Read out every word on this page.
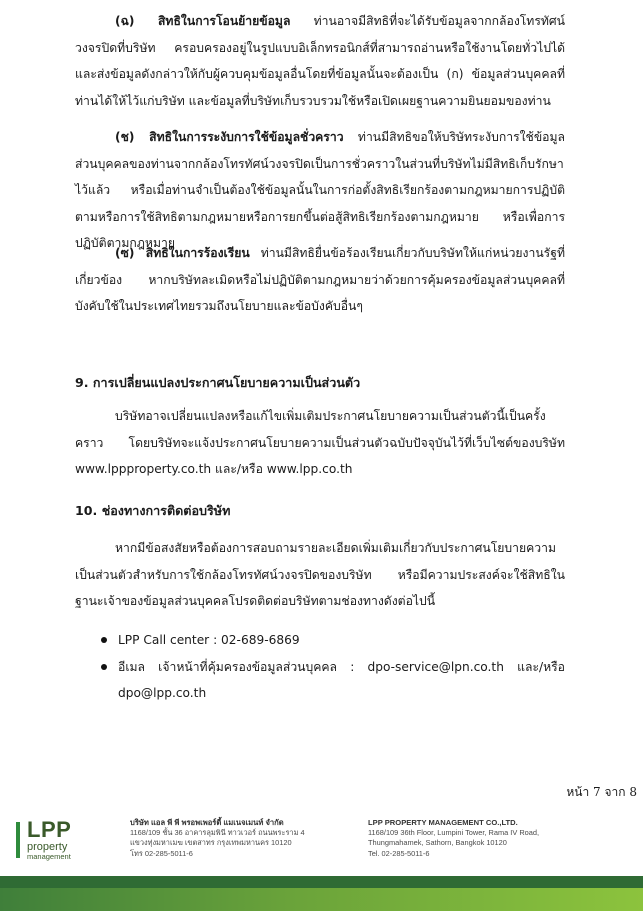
(ฉ) สิทธิในการโอนย้ายข้อมูล ท่านอาจมีสิทธิที่จะได้รับข้อมูลจากกล้องโทรทัศน์วงจรปิดที่บริษัท ครอบครองอยู่ในรูปแบบอิเล็กทรอนิกส์ที่สามารถอ่านหรือใช้งานโดยทั่วไปได้และส่งข้อมูลดังกล่าวให้กับผู้ควบคุมข้อมูลอื่นโดยที่ข้อมูลนั้นจะต้องเป็น (ก) ข้อมูลส่วนบุคคลที่ท่านได้ให้ไว้แก่บริษัท และข้อมูลที่บริษัทเก็บรวบรวมใช้หรือเปิดเผยฐานความยินยอมของท่าน

(ช) สิทธิในการระงับการใช้ข้อมูลชั่วคราว ท่านมีสิทธิขอให้บริษัทระงับการใช้ข้อมูลส่วนบุคคลของท่านจากกล้องโทรทัศน์วงจรปิดเป็นการชั่วคราวในส่วนที่บริษัทไม่มีสิทธิเก็บรักษาไว้แล้ว หรือเมื่อท่านจำเป็นต้องใช้ข้อมูลนั้นในการก่อตั้งสิทธิเรียกร้องตามกฎหมายการปฏิบัติตามหรือการใช้สิทธิตามกฎหมายหรือการยกขึ้นต่อสู้สิทธิเรียกร้องตามกฎหมาย หรือเพื่อการปฏิบัติตามกฎหมาย

(ซ) สิทธิในการร้องเรียน ท่านมีสิทธิยื่นข้อร้องเรียนเกี่ยวกับบริษัทให้แก่หน่วยงานรัฐที่เกี่ยวข้อง หากบริษัทละเมิดหรือไม่ปฏิบัติตามกฎหมายว่าด้วยการคุ้มครองข้อมูลส่วนบุคคลที่บังคับใช้ในประเทศไทยรวมถึงนโยบายและข้อบังคับอื่นๆ

9. การเปลี่ยนแปลงประกาศนโยบายความเป็นส่วนตัว

บริษัทอาจเปลี่ยนแปลงหรือแก้ไขเพิ่มเติมประกาศนโยบายความเป็นส่วนตัวนี้เป็นครั้งคราว โดยบริษัทจะแจ้งประกาศนโยบายความเป็นส่วนตัวฉบับปัจจุบันไว้ที่เว็บไซต์ของบริษัท www.lppproperty.co.th และ/หรือ www.lpp.co.th

10. ช่องทางการติดต่อบริษัท

หากมีข้อสงสัยหรือต้องการสอบถามรายละเอียดเพิ่มเติมเกี่ยวกับประกาศนโยบายความเป็นส่วนตัวสำหรับการใช้กล้องโทรทัศน์วงจรปิดของบริษัท หรือมีความประสงค์จะใช้สิทธิในฐานะเจ้าของข้อมูลส่วนบุคคลโปรดติดต่อบริษัทตามช่องทางดังต่อไปนี้

LPP Call center : 02-689-6869
อีเมล เจ้าหน้าที่คุ้มครองข้อมูลส่วนบุคคล : dpo-service@lpn.co.th และ/หรือ dpo@lpp.co.th
หน้า 7 จาก 8
LPP
property
management
บริษัท แอล พี พี พรอพเพอร์ตี้ แมเนจเมนท์ จำกัด
1168/109 ชั้น 36 อาคารลุมพินี ทาวเวอร์ ถนนพระราม 4
แขวงทุ่งมหาเมฆ เขตสาทร กรุงเทพมหานคร 10120
โทร 02-285-5011-6
LPP PROPERTY MANAGEMENT CO.,LTD.
1168/109 36th Floor, Lumpini Tower, Rama IV Road,
Thungmahamek, Sathorn, Bangkok 10120
Tel. 02-285-5011-6
